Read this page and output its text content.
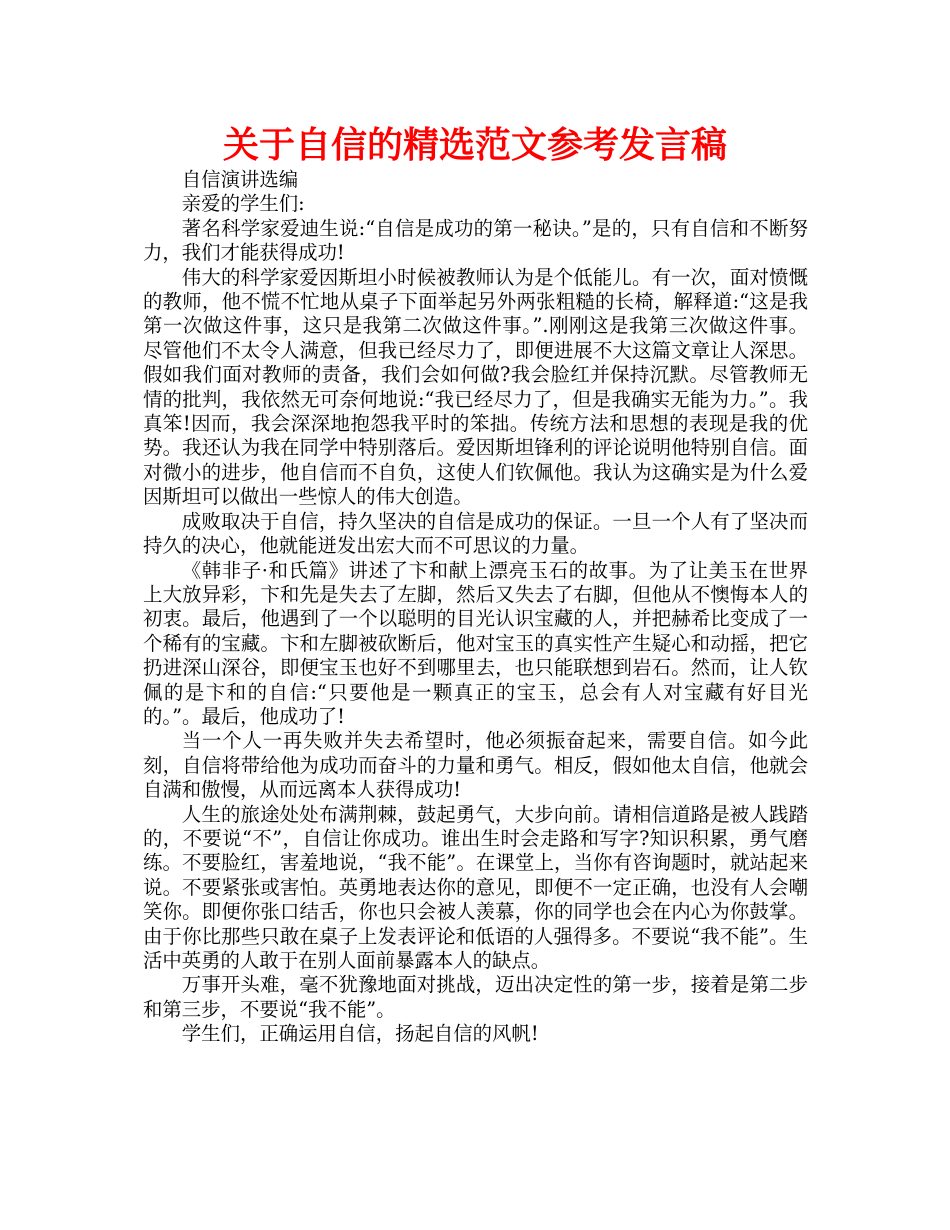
关于自信的精选范文参考发言稿

自信演讲选编

亲爱的学生们:

著名科学家爱迪生说:“自信是成功的第一秘诀。”是的，只有自信和不断努力，我们才能获得成功!

伟大的科学家爱因斯坦小时候被教师认为是个低能儿。有一次，面对愤慨的教师，他不慌不忙地从桌子下面举起另外两张粗糙的长椅，解释道:“这是我第一次做这件事，这只是我第二次做这件事。”.刚刚这是我第三次做这件事。尽管他们不太令人满意，但我已经尽力了，即便进展不大这篇文章让人深思。假如我们面对教师的责备，我们会如何做?我会脸红并保持沉默。尽管教师无情的批判，我依然无可奈何地说:“我已经尽力了，但是我确实无能为力。”。我真笨!因而，我会深深地抱怨我平时的笨拙。传统方法和思想的表现是我的优势。我还认为我在同学中特别落后。爱因斯坦锋利的评论说明他特别自信。面对微小的进步，他自信而不自负，这使人们钦佩他。我认为这确实是为什么爱因斯坦可以做出一些惊人的伟大创造。

成败取决于自信，持久坚决的自信是成功的保证。一旦一个人有了坚决而持久的决心，他就能迸发出宏大而不可思议的力量。

《韩非子·和氏篇》讲述了卞和献上漂亮玉石的故事。为了让美玉在世界上大放异彩，卞和先是失去了左脚，然后又失去了右脚，但他从不懊悔本人的初衷。最后，他遇到了一个以聪明的目光认识宝藏的人，并把赫希比变成了一个稀有的宝藏。卞和左脚被砍断后，他对宝玉的真实性产生疑心和动摇，把它扔进深山深谷，即便宝玉也好不到哪里去，也只能联想到岩石。然而，让人钦佩的是卞和的自信:“只要他是一颗真正的宝玉，总会有人对宝藏有好目光的。”。最后，他成功了!

当一个人一再失败并失去希望时，他必须振奋起来，需要自信。如今此刻，自信将带给他为成功而奋斗的力量和勇气。相反，假如他太自信，他就会自满和傲慢，从而远离本人获得成功!

人生的旅途处处布满荆棘，鼓起勇气，大步向前。请相信道路是被人践踏的，不要说“不”，自信让你成功。谁出生时会走路和写字?知识积累，勇气磨练。不要脸红，害羞地说，“我不能”。在课堂上，当你有咨询题时，就站起来说。不要紧张或害怕。英勇地表达你的意见，即便不一定正确，也没有人会嘲笑你。即便你张口结舌，你也只会被人羡慕，你的同学也会在内心为你鼓掌。由于你比那些只敢在桌子上发表评论和低语的人强得多。不要说“我不能”。生活中英勇的人敢于在别人面前暴露本人的缺点。

万事开头难，毫不犹豫地面对挑战，迈出决定性的第一步，接着是第二步和第三步，不要说“我不能”。

学生们，正确运用自信，扬起自信的风帆!
